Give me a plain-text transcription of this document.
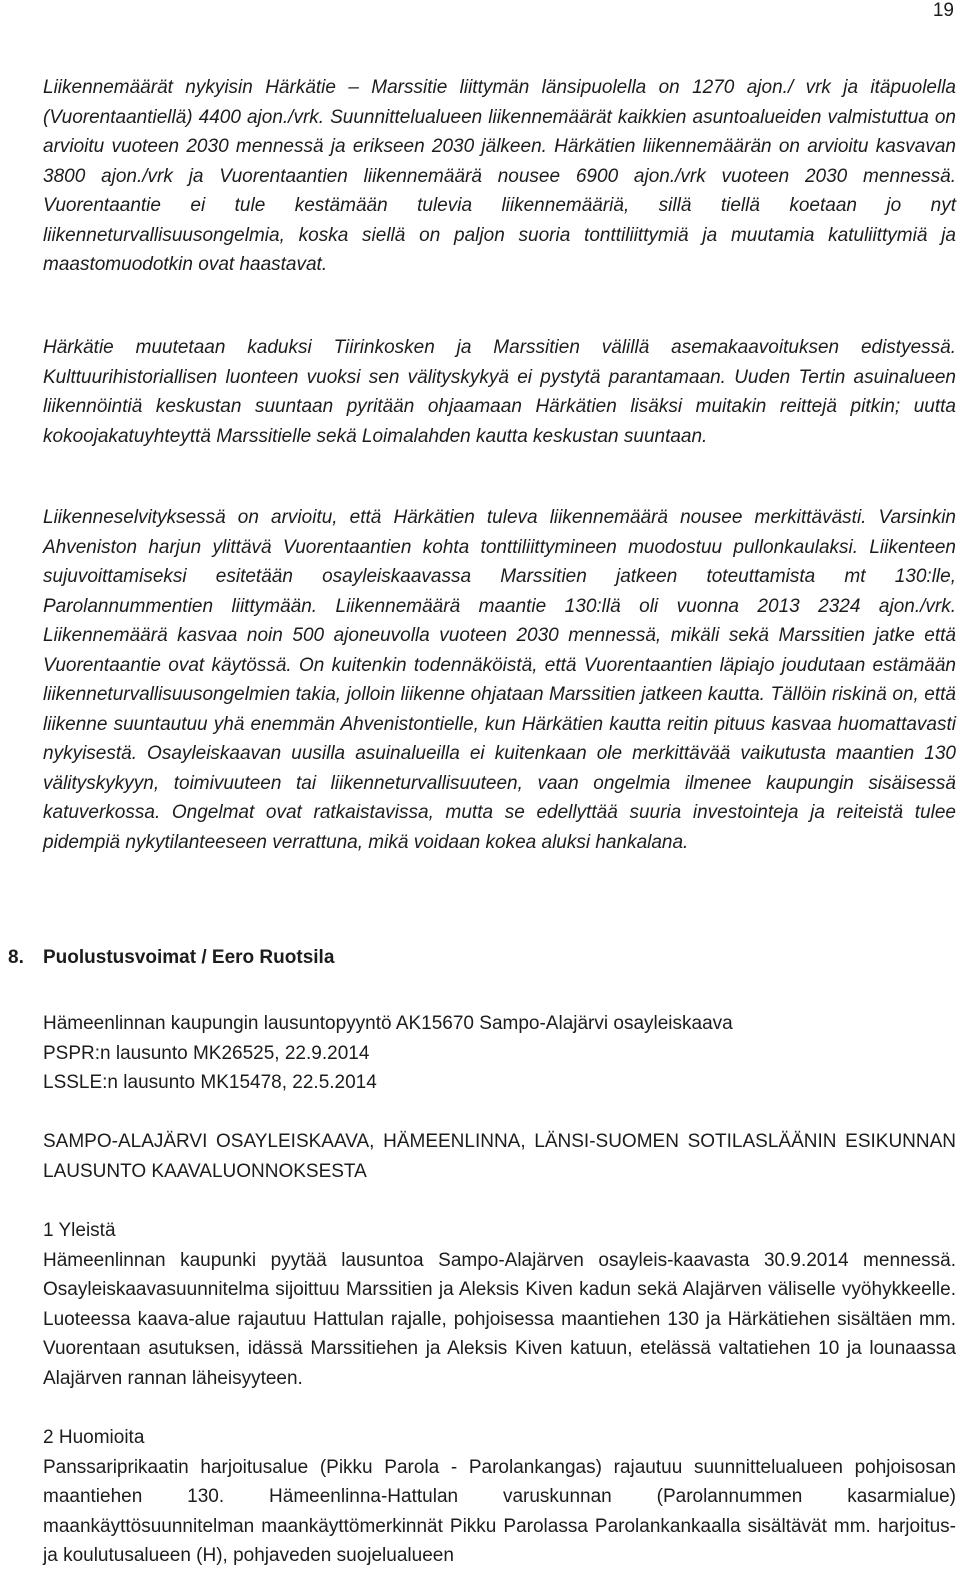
19

Liikennemäärät nykyisin Härkätie – Marssitie liittymän länsipuolella on 1270 ajon./ vrk ja itäpuolella (Vuorentaantiellä) 4400 ajon./vrk. Suunnittelualueen liikennemäärät kaikkien asuntoalueiden valmistuttua on arvioitu vuoteen 2030 mennessä ja erikseen 2030 jälkeen. Härkätien liikennemäärän on arvioitu kasvavan 3800 ajon./vrk ja Vuorentaantien liikennemäärä nousee 6900 ajon./vrk vuoteen 2030 mennessä. Vuorentaantie ei tule kestämään tulevia liikennemääriä, sillä tiellä koetaan jo nyt liikenneturvallisuusongelmia, koska siellä on paljon suoria tonttiliittymiä ja muutamia katuliittymiä ja maastomuodotkin ovat haastavat.

Härkätie muutetaan kaduksi Tiirinkosken ja Marssitien välillä asemakaavoituksen edistyessä. Kulttuurihistoriallisen luonteen vuoksi sen välityskykyä ei pystytä parantamaan. Uuden Tertin asuinalueen liikennöintiä keskustan suuntaan pyritään ohjaamaan Härkätien lisäksi muitakin reittejä pitkin; uutta kokoojakatuyhteyttä Marssitielle sekä Loimalahden kautta keskustan suuntaan.

Liikenneselvityksessä on arvioitu, että Härkätien tuleva liikennemäärä nousee merkittävästi. Varsinkin Ahveniston harjun ylittävä Vuorentaantien kohta tonttiliittymineen muodostuu pullonkaulaksi. Liikenteen sujuvoittamiseksi esitetään osayleiskaavassa Marssitien jatkeen toteuttamista mt 130:lle, Parolannummentien liittymään. Liikennemäärä maantie 130:llä oli vuonna 2013 2324 ajon./vrk. Liikennemäärä kasvaa noin 500 ajoneuvolla vuoteen 2030 mennessä, mikäli sekä Marssitien jatke että Vuorentaantie ovat käytössä. On kuitenkin todennäköistä, että Vuorentaantien läpiajo joudutaan estämään liikenneturvallisuusongelmien takia, jolloin liikenne ohjataan Marssitien jatkeen kautta. Tällöin riskinä on, että liikenne suuntautuu yhä enemmän Ahvenistontielle, kun Härkätien kautta reitin pituus kasvaa huomattavasti nykyisestä. Osayleiskaavan uusilla asuinalueilla ei kuitenkaan ole merkittävää vaikutusta maantien 130 välityskykyyn, toimivuuteen tai liikenneturvallisuuteen, vaan ongelmia ilmenee kaupungin sisäisessä katuverkossa. Ongelmat ovat ratkaistavissa, mutta se edellyttää suuria investointeja ja reiteistä tulee pidempiä nykytilanteeseen verrattuna, mikä voidaan kokea aluksi hankalana.

8. Puolustusvoimat / Eero Ruotsila

Hämeenlinnan kaupungin lausuntopyyntö AK15670 Sampo-Alajärvi osayleiskaava

PSPR:n lausunto MK26525, 22.9.2014

LSSLE:n lausunto MK15478, 22.5.2014

SAMPO-ALAJÄRVI OSAYLEISKAAVA, HÄMEENLINNA, LÄNSI-SUOMEN SOTILASLÄÄNIN ESIKUNNAN LAUSUNTO KAAVALUONNOKSESTA

1 Yleistä

Hämeenlinnan kaupunki pyytää lausuntoa Sampo-Alajärven osayleis-kaavasta 30.9.2014 mennessä. Osayleiskaavasuunnitelma sijoittuu Marssitien ja Aleksis Kiven kadun sekä Alajärven väliselle vyöhykkeelle. Luoteessa kaava-alue rajautuu Hattulan rajalle, pohjoisessa maantiehen 130 ja Härkätiehen sisältäen mm. Vuorentaan asutuksen, idässä Marssitiehen ja Aleksis Kiven katuun, etelässä valtatiehen 10 ja lounaassa Alajärven rannan läheisyyteen.

2 Huomioita

Panssariprikaatin harjoitusalue (Pikku Parola - Parolankangas) rajautuu suunnittelualueen pohjoisosan maantiehen 130. Hämeenlinna-Hattulan varuskunnan (Parolannummen kasarmialue) maankäyttösuunnitelman maankäyttömerkinnät Pikku Parolassa Parolankankaalla sisältävät mm. harjoitus- ja koulutusalueen (H), pohjaveden suojelualueen
